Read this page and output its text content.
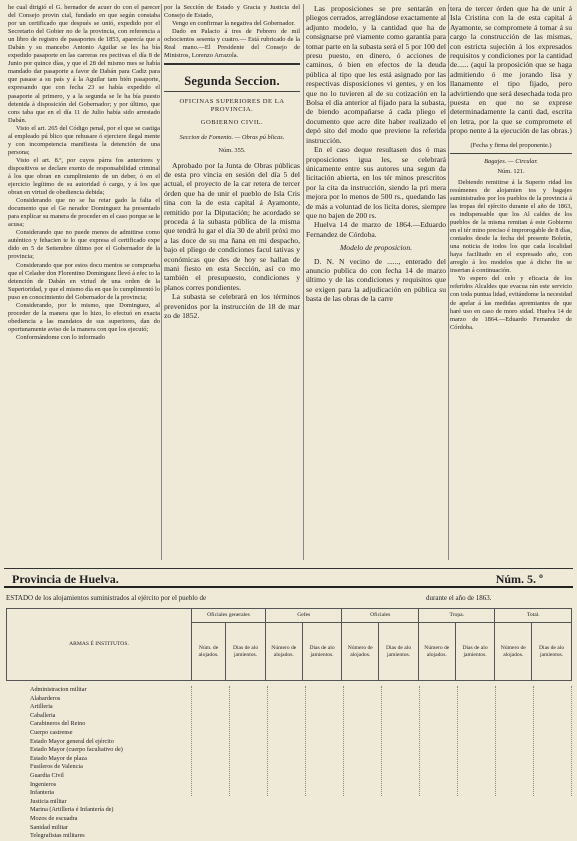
he cual dirigió el G. bernador de acuer do con el parecer del Consejo provin cial, fundado en que según constaba por un certificado que después se unió, expedido por el Secretario del Gobier no de la provincia, con referencia a un libro de registro de pasaportes de 1853, aparecía que a Dabán y su mancebo Antonio Aguilar se les ha bía expedido pasaporte en las carreras res pectivas el día 8 de Junio por quince días, y que el 28 del mismo mes se había mandado dar pasaporte a favor de Dabán para Cadiz para que pasase a su país y á la Aguilar tam bién pasaporte, expresando que con fecha 23 se había expedido el pasaporte al primero, y a la segunda se le ha bía puesto detenida á disposición del Gobernador; y por último, que cons taba que en el día 11 de Julio había sido arrestado Dabán.

Visto el art. 265 del Código penal, por el que se castiga al empleado pú blico que rehusare ó ejerciere ilegal mente y con incompetencia manifiesta la detención de una persona;

Visto el art. 8.º, por cuyos párra fos anteriores y dispositivos se declare exento de responsabilidad criminal á los que obran en cumplimiento de un deber, ó en el ejercicio legítimo de su autoridad ó cargo, y á los que obran en virtud de obediencia debida;

Considerando que no se ha retar gado la falta el documento que el Ge nerador Dominguez ha presentado para explicar su manera de proceder en el caso porque se le acusa;

Considerando que no puede menos de admitirse como auténtico y fehacien te lo que expresa el certificado expe dido en 5 de Setiembre último por el Gobernador de la provincia;

Considerando que por estos docu mentos se comprueba que el Celador don Florentino Dominguez llevó á efec to la detención de Dabán en virtud de una orden de la Superioridad, y que el mismo día en que lo cumplimentó lo puso en conocimiento del Gobernador de la provincia;

Considerando, por lo mismo, que Dominguez, al proceder de la manera que lo hizo, lo efectuó en exacta obediencia a las mandatos de sus superiores, dan do oportunamente aviso de la manera con que los ejecutó;

Conformándome con lo informado

por la Sección de Estado y Gracia y Justicia del Consejo de Estado,

Vengo en confirmar la negativa del Gobernador.

Dado en Palacio á tres de Febrero de mil ochocientos sesenta y cuatro.— Está rubricado de la Real mano.—El Presidente del Consejo de Ministros, Lorenzo Arrazola.

Segunda Seccion.

OFICINAS SUPERIORES DE LA PROVINCIA.

GOBIERNO CIVIL.

Seccion de Fomento. — Obras pú blicas.

Núm. 355.

Aprobado por la Junta de Obras públicas de esta pro vincia en sesión del día 5 del actual, el proyecto de la car retera de tercer órden que ha de unir el pueblo de Isla Cris tina con la de esta capital á Ayamonte, remitido por la Diputación; he acordado se proceda á la subasta pública de la misma que tendrá lu gar el día 30 de abril próxi mo a las doce de su ma ñana en mi despacho, bajo el pliego de condiciones facul tativas y económicas que des de hoy se hallan de mani fiesto en esta Sección, así co mo también el presupuesto, condiciones y planos corres pondientes.

La subasta se celebrará en los términos prevenidos por la instrucción de 18 de mar zo de 1852.

Las proposiciones se pre sentarán en pliegos cerrados, arreglándose exactamente al adjunto modelo, y la cantidad que ha de consignarse pré viamente como garantía para tomar parte en la subasta será el 5 por 100 del presu puesto, en dinero, ó acciones de caminos, ó bien en efectos de la deuda pública al tipo que les está asignado por las respectivas disposiciones vi gentes, y en los que no lo tuvieren al de su cotización en la Bolsa el día anterior al fijado para la subasta, de biendo acompañarse á cada pliego el documento que acre dite haber realizado el depó sito del modo que previene la referida instrucción.

En el caso deque resultasen dos ó mas proposiciones igua les, se celebrará únicamente entre sus autores una segun da licitación abierta, en los tér minos prescritos por la cita da instrucción, siendo la pri mera mejora por lo menos de 500 rs., quedando las de más a voluntad de los licita dores, siempre que no bajen de 200 rs.

Huelva 14 de marzo de 1864.—Eduardo Fernandez de Córdoba.

Modelo de proposicion.

D. N. N vecino de ......, enterado del anuncio publica do con fecha 14 de marzo último y de las condiciones y requisitos que se exigen para la adjudicación en pública su basta de las obras de la carre

tera de tercer órden que ha de unir á Isla Cristina con la de esta capital á Ayamonte, se compromete á tomar á su cargo la construcción de las mismas, con estricta sujeción á los expresados requisitos y condiciones por la cantidad de...... (aquí la proposición que se haga admitiendo ó me jorando lisa y llanamente el tipo fijado, pero advirtiendo que será desechada toda pro puesta en que no se exprese determinadamente la canti dad, escrita en letra, por la que se compromete el propo nente á la ejecución de las obras.)

(Fecha y firma del proponente.)

Bagajes. — Circular.

Núm. 121.

Debiendo remitirse á la Superio ridad los resúmenes de alojamien tos y bagajes suministrados por los pueblos de la provincia á las tropas del ejército durante el año de 1863, es indispensable que los Al caldes de los pueblos de la misma remitan á este Gobierno en el tér mino preciso é improrogable de 8 días, contados desde la fecha del presente Boletín, una noticia de todos los que cada localidad haya facilitado en el expresado año, con arreglo á los modelos que á dicho fin se insertan á continuación.

Yo espero del celo y eficacia de los referidos Alcaldes que evacua rán este servicio con toda puntua lidad, evitándome la necesidad de apelar á las medidas apremiantes de que haré uso en caso de moro sidad. Huelva 14 de marzo de 1864.—Eduardo Fernandez de Córdoba.

Provincia de Huelva.	Núm. 5. º
ESTADO de los alojamientos suministrados al ejército por el pueblo de	durante el año de 1863.
ARMAS É INSTITUTOS.	Oficiales generales		Gefes		Oficiales		Tropa.		Total.	
	Núm. de alojados.	Dias de alo jamientos.	Número de alojados.	Dias de alo jamientos.	Número de alojados.	Dias de alo jamientos.	Número de alojados.	Dias de alo jamientos.	Número de alojados.	Dias de alo jamientos.
Administracion militar
Alabarderos
Artilleria
Caballeria
Carabineros del Reino
Cuerpo castrense
Estado Mayor general del ejército
Estado Mayor (cuerpo facultativo de)
Estado Mayor de plaza
Fusileros de Valencia
Guardia Civil
Ingenieros
Infanteria
Justicia militar
Marina (Artilleria é Infantería de)
Mozos de escuadra
Sanidad militar
Telegrafistas militares
